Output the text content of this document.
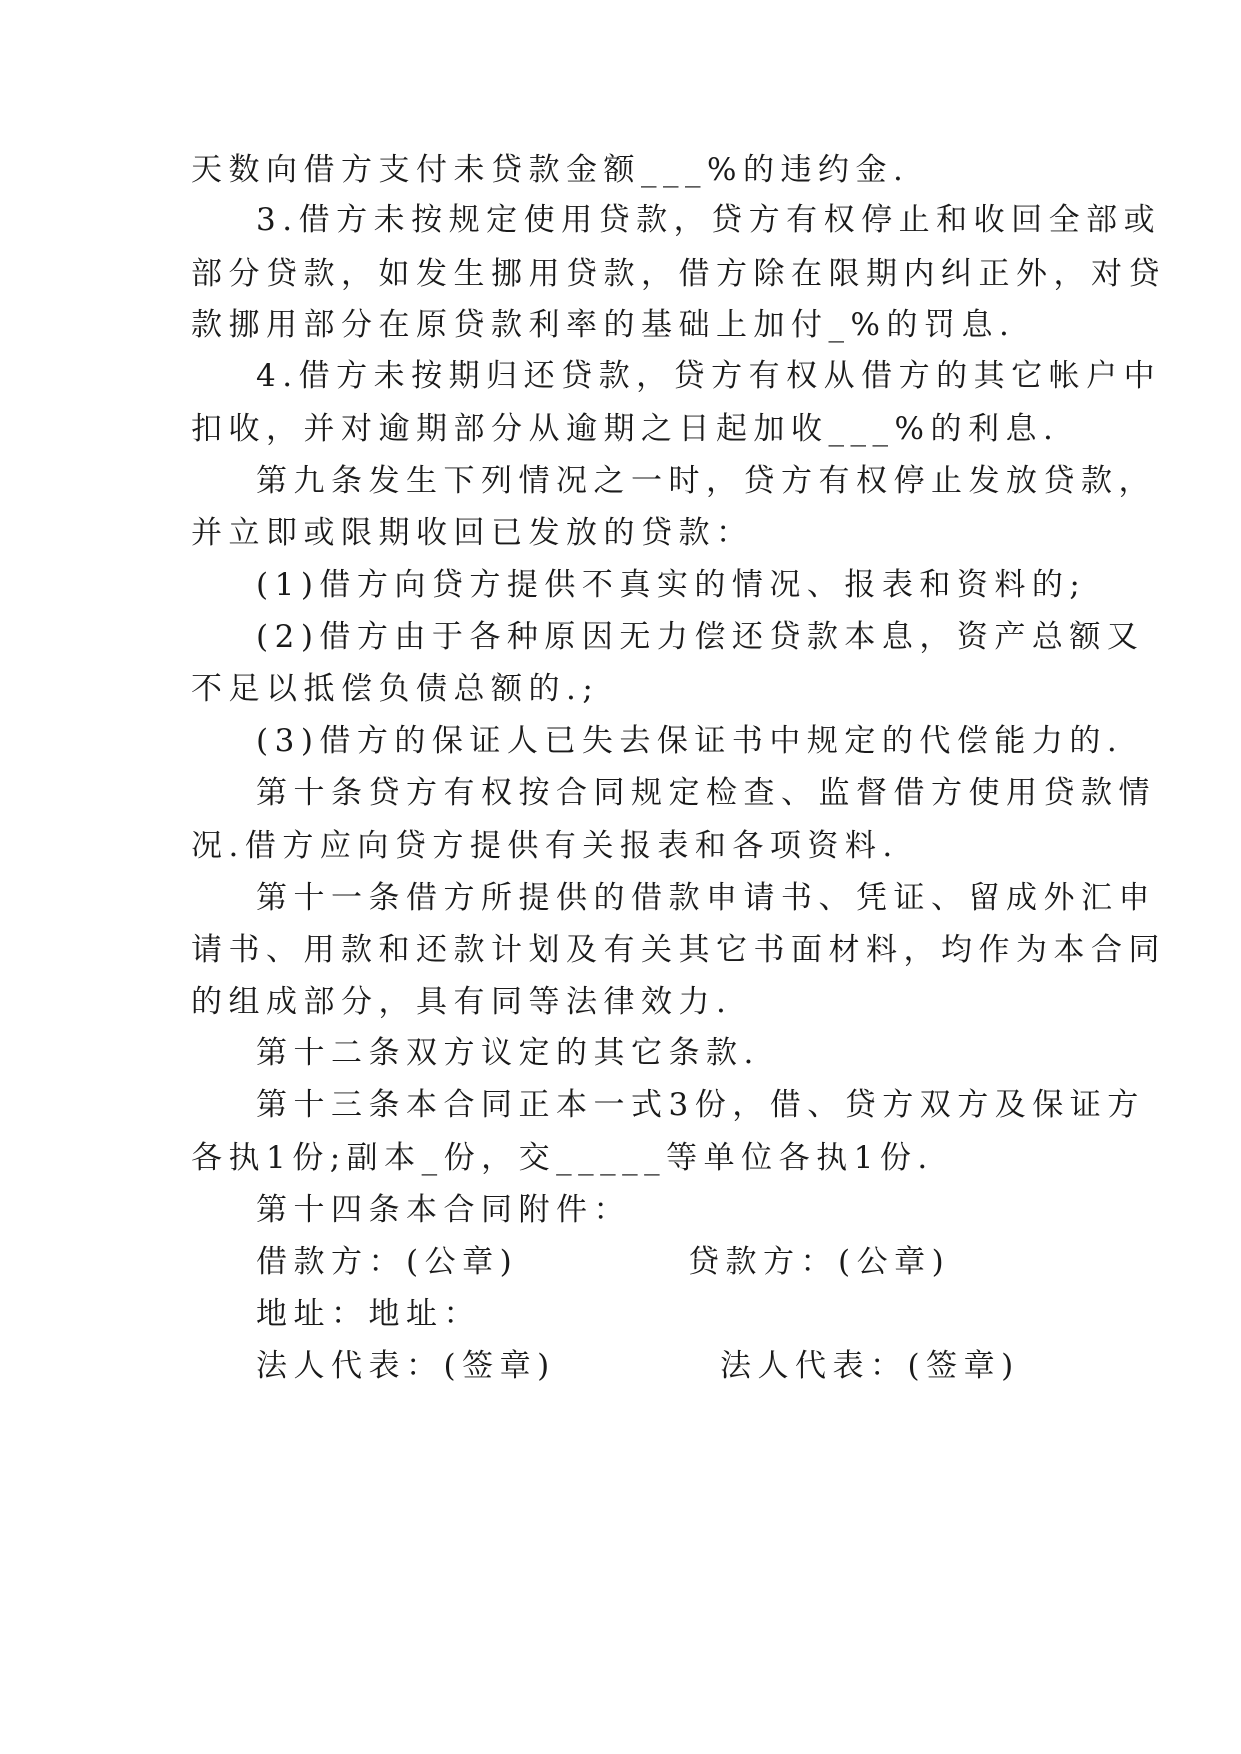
天数向借方支付未贷款金额___%的违约金.
3.借方未按规定使用贷款，贷方有权停止和收回全部或
部分贷款，如发生挪用贷款，借方除在限期内纠正外，对贷
款挪用部分在原贷款利率的基础上加付_%的罚息.
4.借方未按期归还贷款，贷方有权从借方的其它帐户中
扣收，并对逾期部分从逾期之日起加收___%的利息.
第九条发生下列情况之一时，贷方有权停止发放贷款，
并立即或限期收回已发放的贷款：
(1)借方向贷方提供不真实的情况、报表和资料的;
(2)借方由于各种原因无力偿还贷款本息，资产总额又
不足以抵偿负债总额的.;
(3)借方的保证人已失去保证书中规定的代偿能力的.
第十条贷方有权按合同规定检查、监督借方使用贷款情
况.借方应向贷方提供有关报表和各项资料.
第十一条借方所提供的借款申请书、凭证、留成外汇申
请书、用款和还款计划及有关其它书面材料，均作为本合同
的组成部分，具有同等法律效力.
第十二条双方议定的其它条款.
第十三条本合同正本一式3份，借、贷方双方及保证方
各执1份;副本_份，交_____等单位各执1份.
第十四条本合同附件：
借款方：(公章)	贷款方：(公章)
地址：地址：
法人代表：(签章)	法人代表：(签章)
